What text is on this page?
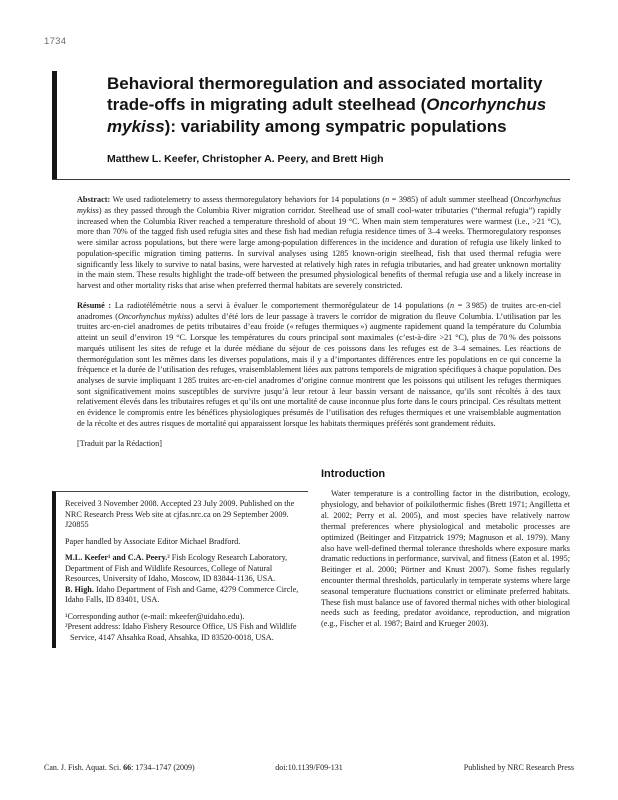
1734
Behavioral thermoregulation and associated mortality trade-offs in migrating adult steelhead (Oncorhynchus mykiss): variability among sympatric populations
Matthew L. Keefer, Christopher A. Peery, and Brett High

Abstract: We used radiotelemetry to assess thermoregulatory behaviors for 14 populations (n = 3985) of adult summer steelhead (Oncorhynchus mykiss) as they passed through the Columbia River migration corridor. Steelhead use of small cool-water tributaries (“thermal refugia”) rapidly increased when the Columbia River reached a temperature threshold of about 19 °C. When main stem temperatures were warmest (i.e., >21 °C), more than 70% of the tagged fish used refugia sites and these fish had median refugia residence times of 3–4 weeks. Thermoregulatory responses were similar across populations, but there were large among-population differences in the incidence and duration of refugia use likely linked to population-specific migration timing patterns. In survival analyses using 1285 known-origin steelhead, fish that used thermal refugia were significantly less likely to survive to natal basins, were harvested at relatively high rates in refugia tributaries, and had greater unknown mortality in the main stem. These results highlight the trade-off between the presumed physiological benefits of thermal refugia use and a likely increase in harvest and other mortality risks that arise when preferred thermal habitats are severely constricted.

Résumé : La radiotélémétrie nous a servi à évaluer le comportement thermorégulateur de 14 populations (n = 3 985) de truites arc-en-ciel anadromes (Oncorhynchus mykiss) adultes d’été lors de leur passage à travers le corridor de migration du fleuve Columbia. L’utilisation par les truites arc-en-ciel anadromes de petits tributaires d’eau froide (« refuges thermiques ») augmente rapidement quand la température du Columbia atteint un seuil d’environ 19 °C. Lorsque les températures du cours principal sont maximales (c’est-à-dire >21 °C), plus de 70 % des poissons marqués utilisent les sites de refuge et la durée médiane du séjour de ces poissons dans les refuges est de 3–4 semaines. Les réactions de thermorégulation sont les mêmes dans les diverses populations, mais il y a d’importantes différences entre les populations en ce qui concerne la fréquence et la durée de l’utilisation des refuges, vraisemblablement liées aux patrons temporels de migration spécifiques à chaque population. Des analyses de survie impliquant 1 285 truites arc-en-ciel anadromes d’origine connue montrent que les poissons qui utilisent les refuges thermiques sont significativement moins susceptibles de survivre jusqu’à leur retour à leur bassin versant de naissance, qu’ils sont récoltés à des taux relativement élevés dans les tributaires refuges et qu’ils ont une mortalité de cause inconnue plus forte dans le cours principal. Ces résultats mettent en évidence le compromis entre les bénéfices physiologiques présumés de l’utilisation des refuges thermiques et une vraisemblable augmentation de la récolte et des autres risques de mortalité qui apparaissent lorsque les habitats thermiques préférés sont grandement réduits.

[Traduit par la Rédaction]

Received 3 November 2008. Accepted 23 July 2009. Published on the NRC Research Press Web site at cjfas.nrc.ca on 29 September 2009.

J20855

Paper handled by Associate Editor Michael Bradford.

M.L. Keefer¹ and C.A. Peery.² Fish Ecology Research Laboratory, Department of Fish and Wildlife Resources, College of Natural Resources, University of Idaho, Moscow, ID 83844-1136, USA.

B. High. Idaho Department of Fish and Game, 4279 Commerce Circle, Idaho Falls, ID 83401, USA.

¹Corresponding author (e-mail: mkeefer@uidaho.edu).

²Present address: Idaho Fishery Resource Office, US Fish and Wildlife Service, 4147 Ahsahka Road, Ahsahka, ID 83520-0018, USA.

Introduction

Water temperature is a controlling factor in the distribution, ecology, physiology, and behavior of poikilothermic fishes (Brett 1971; Angilletta et al. 2002; Perry et al. 2005), and most species have relatively narrow thermal preferences where physiological and metabolic processes are optimized (Beitinger and Fitzpatrick 1979; Magnuson et al. 1979). Many also have well-defined thermal tolerance thresholds where exposure marks dramatic reductions in performance, survival, and fitness (Eaton et al. 1995; Beitinger et al. 2000; Pörtner and Knust 2007). Some fishes regularly encounter thermal thresholds, particularly in temperate systems where large seasonal temperature fluctuations constrict or eliminate preferred habitats. These fish must balance use of favored thermal niches with other biological needs such as feeding, predator avoidance, reproduction, and migration (e.g., Fischer et al. 1987; Baird and Krueger 2003).

Can. J. Fish. Aquat. Sci. 66: 1734–1747 (2009)	doi:10.1139/F09-131	Published by NRC Research Press
